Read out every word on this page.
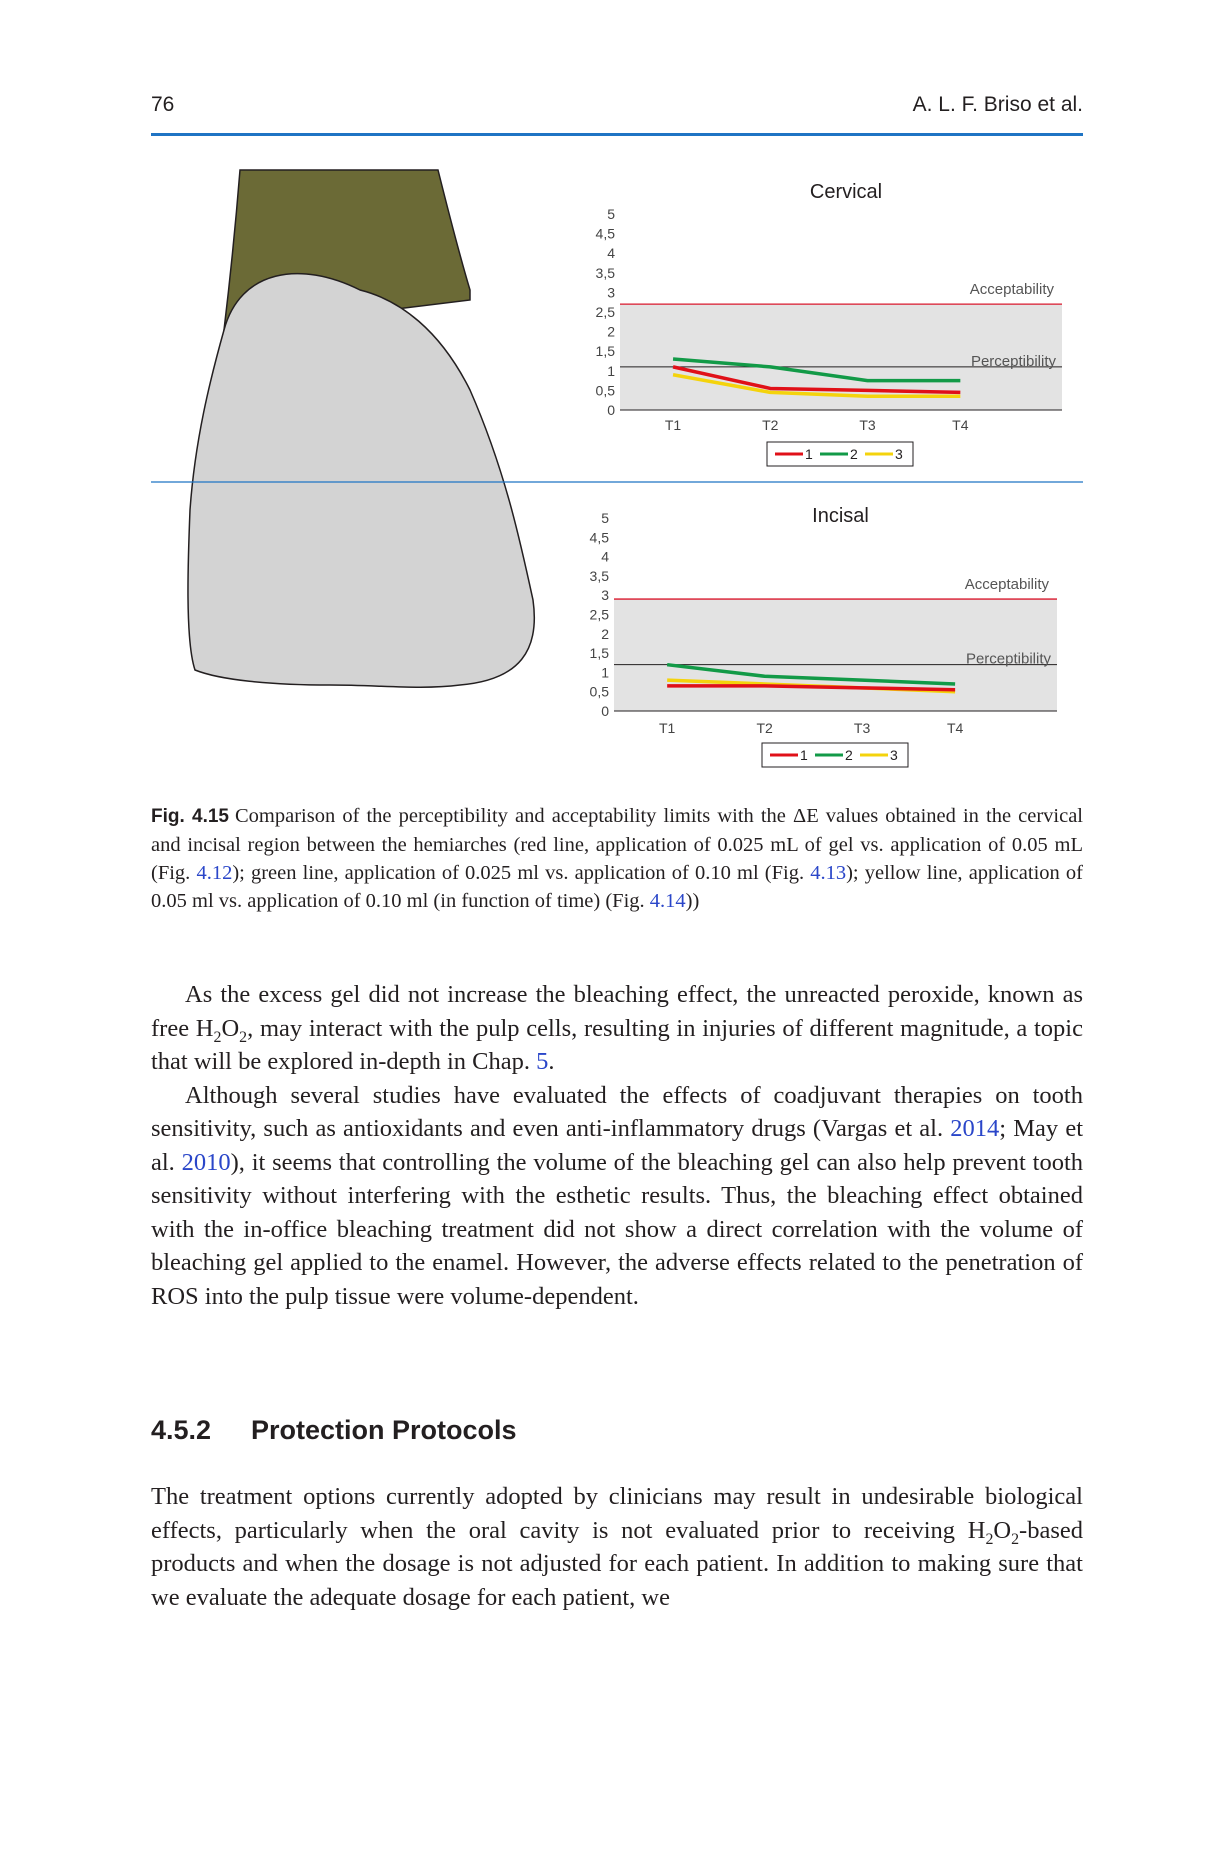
76	A. L. F. Briso et al.
Cervical
0
0,5
1
1,5
2
2,5
3
3,5
4
4,5
5
Acceptability
Perceptibility
T1	T2	T3	T4
1	2	3
Incisal
0
0,5
1
1,5
2
2,5
3
3,5
4
4,5
5
Acceptability
Perceptibility
T1	T2	T3	T4
1	2	3
Fig. 4.15 Comparison of the perceptibility and acceptability limits with the ΔE values obtained in the cervical and incisal region between the hemiarches (red line, application of 0.025 mL of gel vs. application of 0.05 mL (Fig. 4.12); green line, application of 0.025 ml vs. application of 0.10 ml (Fig. 4.13); yellow line, application of 0.05 ml vs. application of 0.10 ml (in function of time) (Fig. 4.14))

As the excess gel did not increase the bleaching effect, the unreacted peroxide, known as free $H_2O_2$, may interact with the pulp cells, resulting in injuries of different magnitude, a topic that will be explored in-depth in Chap. 5.

Although several studies have evaluated the effects of coadjuvant therapies on tooth sensitivity, such as antioxidants and even anti-inflammatory drugs (Vargas et al. 2014; May et al. 2010), it seems that controlling the volume of the bleaching gel can also help prevent tooth sensitivity without interfering with the esthetic results. Thus, the bleaching effect obtained with the in-office bleaching treatment did not show a direct correlation with the volume of bleaching gel applied to the enamel. However, the adverse effects related to the penetration of ROS into the pulp tissue were volume-dependent.

4.5.2 Protection Protocols

The treatment options currently adopted by clinicians may result in undesirable biological effects, particularly when the oral cavity is not evaluated prior to receiving $H_2O_2$-based products and when the dosage is not adjusted for each patient. In addition to making sure that we evaluate the adequate dosage for each patient, we
